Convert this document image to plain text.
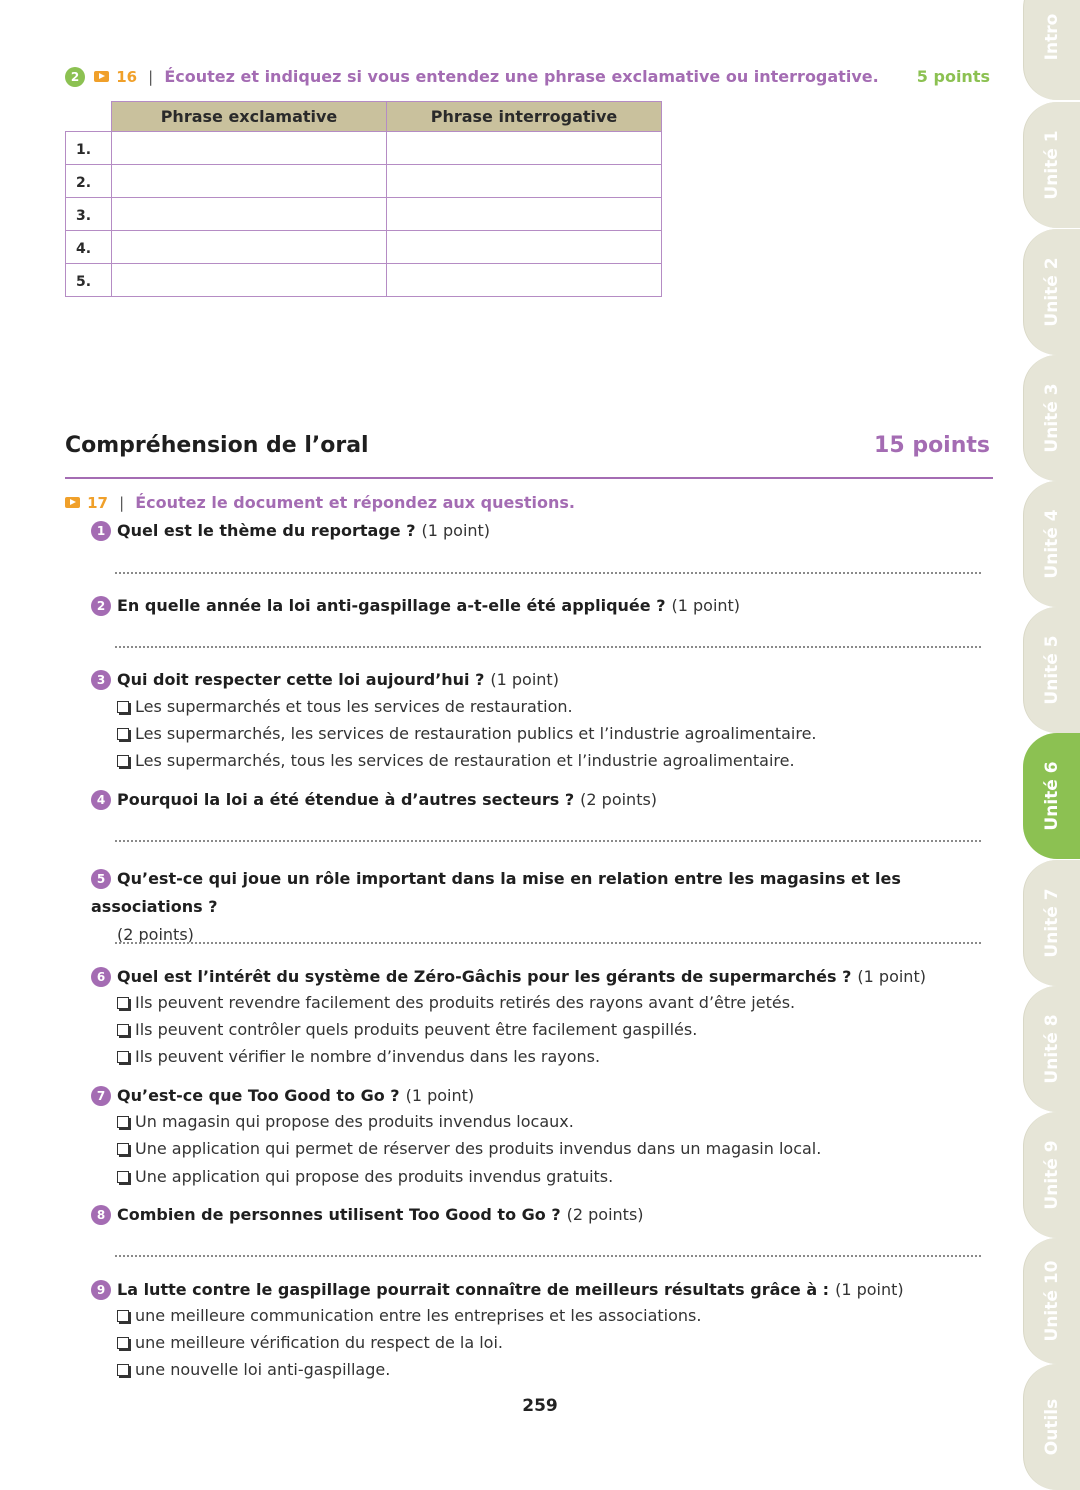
2 16 | Écoutez et indiquez si vous entendez une phrase exclamative ou interrogative.	5 points
	Phrase exclamative	Phrase interrogative
1.		
2.		
3.		
4.		
5.		
Compréhension de l’oral	15 points
17 | Écoutez le document et répondez aux questions.
1 Quel est le thème du reportage ? (1 point)
2 En quelle année la loi anti-gaspillage a-t-elle été appliquée ? (1 point)
3 Qui doit respecter cette loi aujourd’hui ? (1 point)
Les supermarchés et tous les services de restauration.
Les supermarchés, les services de restauration publics et l’industrie agroalimentaire.
Les supermarchés, tous les services de restauration et l’industrie agroalimentaire.
4 Pourquoi la loi a été étendue à d’autres secteurs ? (2 points)
5 Qu’est-ce qui joue un rôle important dans la mise en relation entre les magasins et les associations ?
(2 points)
6 Quel est l’intérêt du système de Zéro-Gâchis pour les gérants de supermarchés ? (1 point)
Ils peuvent revendre facilement des produits retirés des rayons avant d’être jetés.
Ils peuvent contrôler quels produits peuvent être facilement gaspillés.
Ils peuvent vérifier le nombre d’invendus dans les rayons.
7 Qu’est-ce que Too Good to Go ? (1 point)
Un magasin qui propose des produits invendus locaux.
Une application qui permet de réserver des produits invendus dans un magasin local.
Une application qui propose des produits invendus gratuits.
8 Combien de personnes utilisent Too Good to Go ? (2 points)
9 La lutte contre le gaspillage pourrait connaître de meilleurs résultats grâce à : (1 point)
une meilleure communication entre les entreprises et les associations.
une meilleure vérification du respect de la loi.
une nouvelle loi anti-gaspillage.
259
Intro
Unité 1
Unité 2
Unité 3
Unité 4
Unité 5
Unité 6
Unité 7
Unité 8
Unité 9
Unité 10
Outils
